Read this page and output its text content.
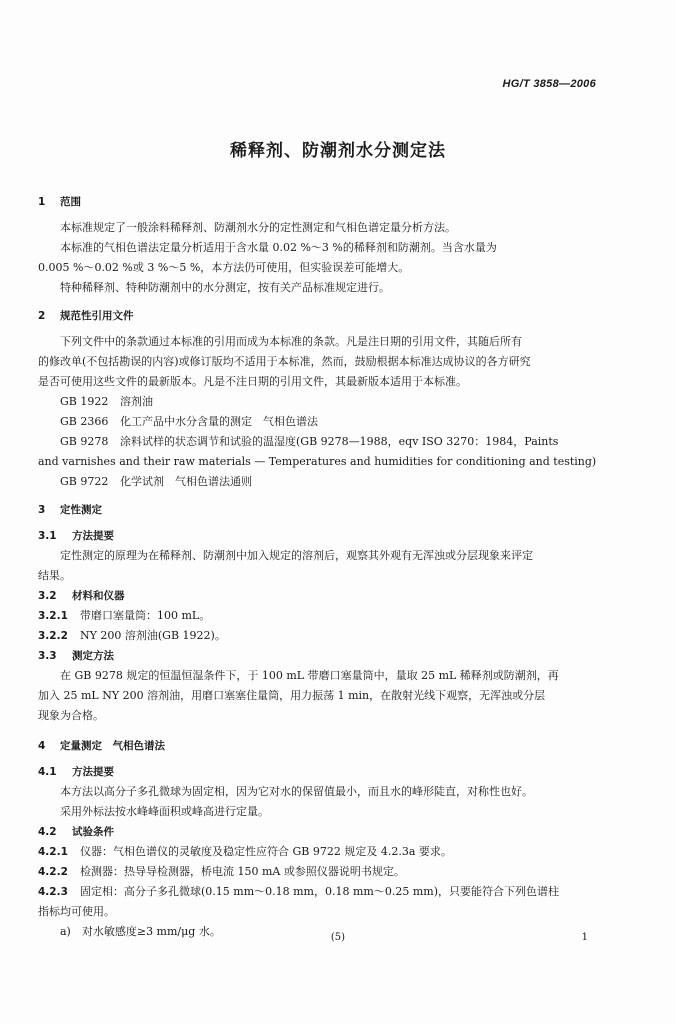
HG/T 3858—2006
稀释剂、防潮剂水分测定法
1 范围
本标准规定了一般涂料稀释剂、防潮剂水分的定性测定和气相色谱定量分析方法。
本标准的气相色谱法定量分析适用于含水量 0.02 %～3 %的稀释剂和防潮剂。当含水量为
0.005 %～0.02 %或 3 %～5 %，本方法仍可使用，但实验误差可能增大。
特种稀释剂、特种防潮剂中的水分测定，按有关产品标准规定进行。
2 规范性引用文件
下列文件中的条款通过本标准的引用而成为本标准的条款。凡是注日期的引用文件，其随后所有
的修改单(不包括勘误的内容)或修订版均不适用于本标准，然而，鼓励根据本标准达成协议的各方研究
是否可使用这些文件的最新版本。凡是不注日期的引用文件，其最新版本适用于本标准。
GB 1922 溶剂油
GB 2366 化工产品中水分含量的测定　气相色谱法
GB 9278 涂料试样的状态调节和试验的温湿度(GB 9278—1988，eqv ISO 3270：1984，Paints
and varnishes and their raw materials — Temperatures and humidities for conditioning and testing)
GB 9722 化学试剂　气相色谱法通则
3 定性测定
3.1 方法提要
定性测定的原理为在稀释剂、防潮剂中加入规定的溶剂后，观察其外观有无浑浊或分层现象来评定
结果。
3.2 材料和仪器
3.2.1 带磨口塞量筒：100 mL。
3.2.2 NY 200 溶剂油(GB 1922)。
3.3 测定方法
在 GB 9278 规定的恒温恒湿条件下，于 100 mL 带磨口塞量筒中，量取 25 mL 稀释剂或防潮剂，再
加入 25 mL NY 200 溶剂油，用磨口塞塞住量筒，用力振荡 1 min，在散射光线下观察，无浑浊或分层
现象为合格。
4 定量测定　气相色谱法
4.1 方法提要
本方法以高分子多孔微球为固定相，因为它对水的保留值最小，而且水的峰形陡直，对称性也好。
采用外标法按水峰峰面积或峰高进行定量。
4.2 试验条件
4.2.1 仪器：气相色谱仪的灵敏度及稳定性应符合 GB 9722 规定及 4.2.3a 要求。
4.2.2 检测器：热导导检测器，桥电流 150 mA 或参照仪器说明书规定。
4.2.3 固定相：高分子多孔微球(0.15 mm～0.18 mm，0.18 mm～0.25 mm)，只要能符合下列色谱柱
指标均可使用。
a)　对水敏感度≥3 mm/μg 水。	(5)	1
